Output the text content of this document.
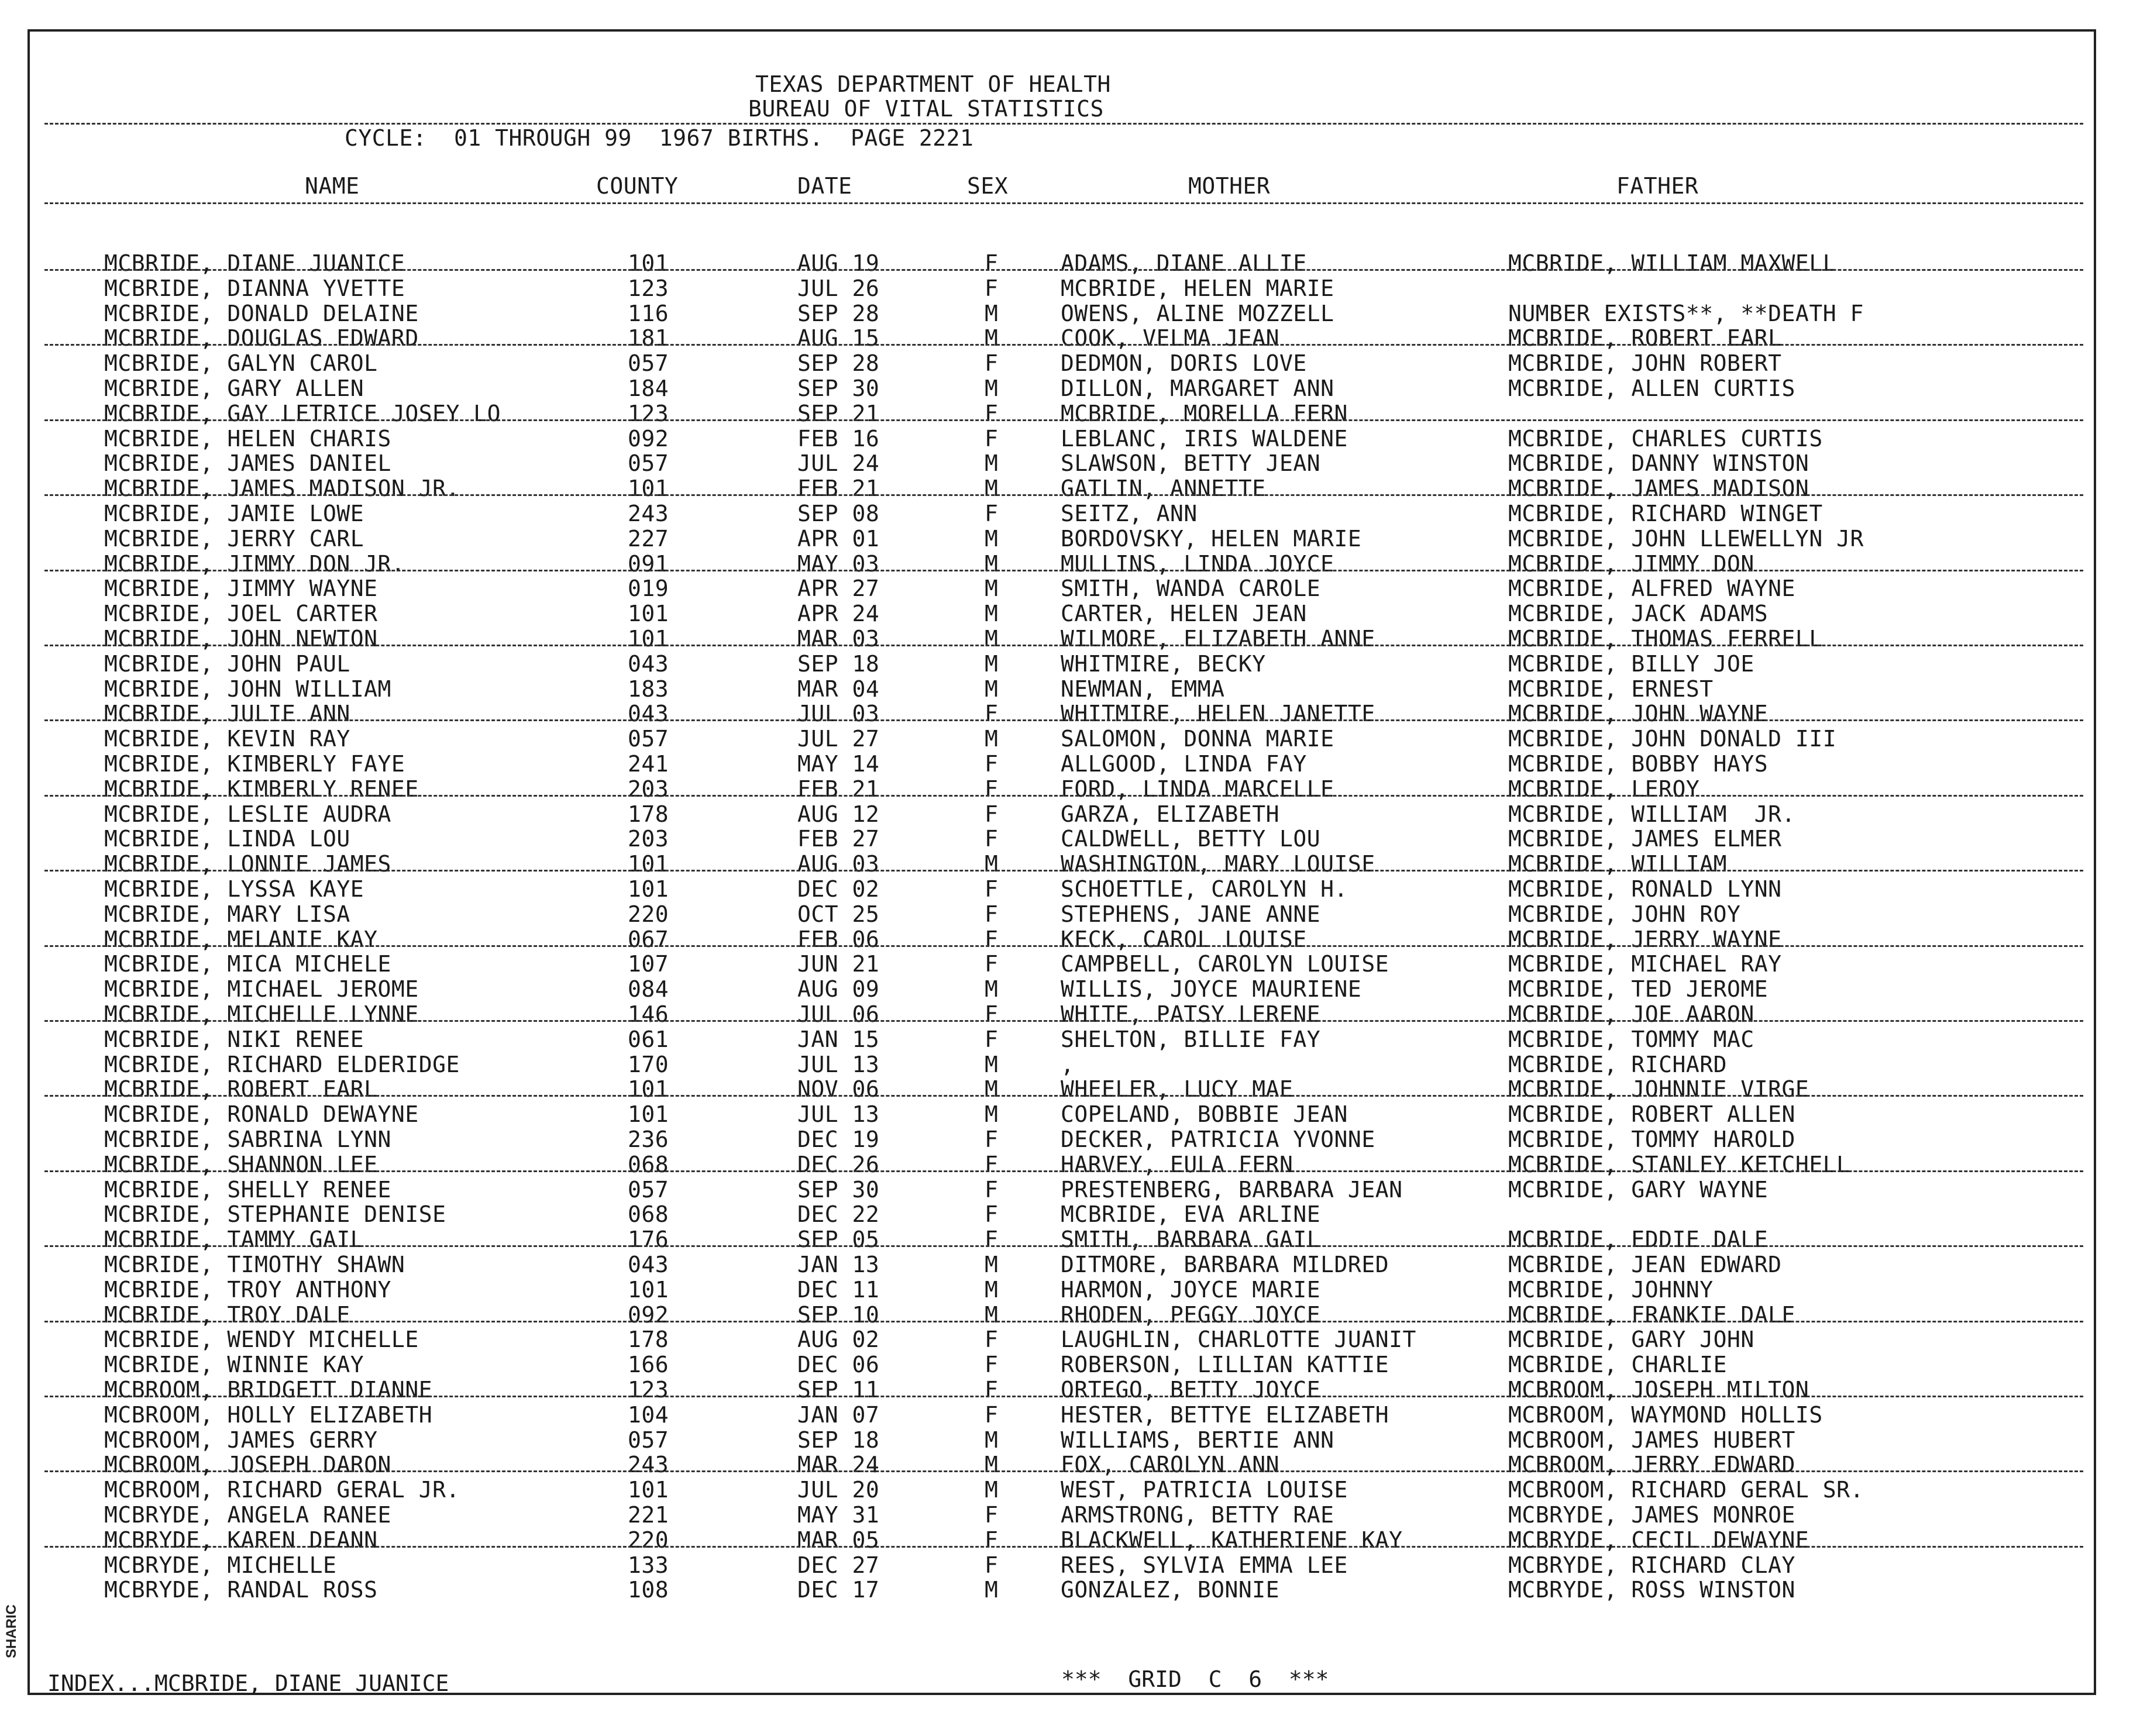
SHARIC
TEXAS DEPARTMENT OF HEALTH
BUREAU OF VITAL STATISTICS
CYCLE:  01 THROUGH 99  1967 BIRTHS.  PAGE 2221
NAME	COUNTY	DATE	SEX	MOTHER	FATHER
MCBRIDE, DIANE JUANICE	101	AUG 19	F	ADAMS, DIANE ALLIE	MCBRIDE, WILLIAM MAXWELL
MCBRIDE, DIANNA YVETTE	123	JUL 26	F	MCBRIDE, HELEN MARIE
MCBRIDE, DONALD DELAINE	116	SEP 28	M	OWENS, ALINE MOZZELL	NUMBER EXISTS**, **DEATH F
MCBRIDE, DOUGLAS EDWARD	181	AUG 15	M	COOK, VELMA JEAN	MCBRIDE, ROBERT EARL
MCBRIDE, GALYN CAROL	057	SEP 28	F	DEDMON, DORIS LOVE	MCBRIDE, JOHN ROBERT
MCBRIDE, GARY ALLEN	184	SEP 30	M	DILLON, MARGARET ANN	MCBRIDE, ALLEN CURTIS
MCBRIDE, GAY LETRICE JOSEY LO	123	SEP 21	F	MCBRIDE, MORELLA FERN
MCBRIDE, HELEN CHARIS	092	FEB 16	F	LEBLANC, IRIS WALDENE	MCBRIDE, CHARLES CURTIS
MCBRIDE, JAMES DANIEL	057	JUL 24	M	SLAWSON, BETTY JEAN	MCBRIDE, DANNY WINSTON
MCBRIDE, JAMES MADISON JR.	101	FEB 21	M	GATLIN, ANNETTE	MCBRIDE, JAMES MADISON
MCBRIDE, JAMIE LOWE	243	SEP 08	F	SEITZ, ANN	MCBRIDE, RICHARD WINGET
MCBRIDE, JERRY CARL	227	APR 01	M	BORDOVSKY, HELEN MARIE	MCBRIDE, JOHN LLEWELLYN JR
MCBRIDE, JIMMY DON JR.	091	MAY 03	M	MULLINS, LINDA JOYCE	MCBRIDE, JIMMY DON
MCBRIDE, JIMMY WAYNE	019	APR 27	M	SMITH, WANDA CAROLE	MCBRIDE, ALFRED WAYNE
MCBRIDE, JOEL CARTER	101	APR 24	M	CARTER, HELEN JEAN	MCBRIDE, JACK ADAMS
MCBRIDE, JOHN NEWTON	101	MAR 03	M	WILMORE, ELIZABETH ANNE	MCBRIDE, THOMAS FERRELL
MCBRIDE, JOHN PAUL	043	SEP 18	M	WHITMIRE, BECKY	MCBRIDE, BILLY JOE
MCBRIDE, JOHN WILLIAM	183	MAR 04	M	NEWMAN, EMMA	MCBRIDE, ERNEST
MCBRIDE, JULIE ANN	043	JUL 03	F	WHITMIRE, HELEN JANETTE	MCBRIDE, JOHN WAYNE
MCBRIDE, KEVIN RAY	057	JUL 27	M	SALOMON, DONNA MARIE	MCBRIDE, JOHN DONALD III
MCBRIDE, KIMBERLY FAYE	241	MAY 14	F	ALLGOOD, LINDA FAY	MCBRIDE, BOBBY HAYS
MCBRIDE, KIMBERLY RENEE	203	FEB 21	F	FORD, LINDA MARCELLE	MCBRIDE, LEROY
MCBRIDE, LESLIE AUDRA	178	AUG 12	F	GARZA, ELIZABETH	MCBRIDE, WILLIAM  JR.
MCBRIDE, LINDA LOU	203	FEB 27	F	CALDWELL, BETTY LOU	MCBRIDE, JAMES ELMER
MCBRIDE, LONNIE JAMES	101	AUG 03	M	WASHINGTON, MARY LOUISE	MCBRIDE, WILLIAM
MCBRIDE, LYSSA KAYE	101	DEC 02	F	SCHOETTLE, CAROLYN H.	MCBRIDE, RONALD LYNN
MCBRIDE, MARY LISA	220	OCT 25	F	STEPHENS, JANE ANNE	MCBRIDE, JOHN ROY
MCBRIDE, MELANIE KAY	067	FEB 06	F	KECK, CAROL LOUISE	MCBRIDE, JERRY WAYNE
MCBRIDE, MICA MICHELE	107	JUN 21	F	CAMPBELL, CAROLYN LOUISE	MCBRIDE, MICHAEL RAY
MCBRIDE, MICHAEL JEROME	084	AUG 09	M	WILLIS, JOYCE MAURIENE	MCBRIDE, TED JEROME
MCBRIDE, MICHELLE LYNNE	146	JUL 06	F	WHITE, PATSY LERENE	MCBRIDE, JOE AARON
MCBRIDE, NIKI RENEE	061	JAN 15	F	SHELTON, BILLIE FAY	MCBRIDE, TOMMY MAC
MCBRIDE, RICHARD ELDERIDGE	170	JUL 13	M	,	MCBRIDE, RICHARD
MCBRIDE, ROBERT EARL	101	NOV 06	M	WHEELER, LUCY MAE	MCBRIDE, JOHNNIE VIRGE
MCBRIDE, RONALD DEWAYNE	101	JUL 13	M	COPELAND, BOBBIE JEAN	MCBRIDE, ROBERT ALLEN
MCBRIDE, SABRINA LYNN	236	DEC 19	F	DECKER, PATRICIA YVONNE	MCBRIDE, TOMMY HAROLD
MCBRIDE, SHANNON LEE	068	DEC 26	F	HARVEY, EULA FERN	MCBRIDE, STANLEY KETCHELL
MCBRIDE, SHELLY RENEE	057	SEP 30	F	PRESTENBERG, BARBARA JEAN	MCBRIDE, GARY WAYNE
MCBRIDE, STEPHANIE DENISE	068	DEC 22	F	MCBRIDE, EVA ARLINE
MCBRIDE, TAMMY GAIL	176	SEP 05	F	SMITH, BARBARA GAIL	MCBRIDE, EDDIE DALE
MCBRIDE, TIMOTHY SHAWN	043	JAN 13	M	DITMORE, BARBARA MILDRED	MCBRIDE, JEAN EDWARD
MCBRIDE, TROY ANTHONY	101	DEC 11	M	HARMON, JOYCE MARIE	MCBRIDE, JOHNNY
MCBRIDE, TROY DALE	092	SEP 10	M	RHODEN, PEGGY JOYCE	MCBRIDE, FRANKIE DALE
MCBRIDE, WENDY MICHELLE	178	AUG 02	F	LAUGHLIN, CHARLOTTE JUANIT	MCBRIDE, GARY JOHN
MCBRIDE, WINNIE KAY	166	DEC 06	F	ROBERSON, LILLIAN KATTIE	MCBRIDE, CHARLIE
MCBROOM, BRIDGETT DIANNE	123	SEP 11	F	ORTEGO, BETTY JOYCE	MCBROOM, JOSEPH MILTON
MCBROOM, HOLLY ELIZABETH	104	JAN 07	F	HESTER, BETTYE ELIZABETH	MCBROOM, WAYMOND HOLLIS
MCBROOM, JAMES GERRY	057	SEP 18	M	WILLIAMS, BERTIE ANN	MCBROOM, JAMES HUBERT
MCBROOM, JOSEPH DARON	243	MAR 24	M	FOX, CAROLYN ANN	MCBROOM, JERRY EDWARD
MCBROOM, RICHARD GERAL JR.	101	JUL 20	M	WEST, PATRICIA LOUISE	MCBROOM, RICHARD GERAL SR.
MCBRYDE, ANGELA RANEE	221	MAY 31	F	ARMSTRONG, BETTY RAE	MCBRYDE, JAMES MONROE
MCBRYDE, KAREN DEANN	220	MAR 05	F	BLACKWELL, KATHERIENE KAY	MCBRYDE, CECIL DEWAYNE
MCBRYDE, MICHELLE	133	DEC 27	F	REES, SYLVIA EMMA LEE	MCBRYDE, RICHARD CLAY
MCBRYDE, RANDAL ROSS	108	DEC 17	M	GONZALEZ, BONNIE	MCBRYDE, ROSS WINSTON
INDEX...MCBRIDE, DIANE JUANICE	***  GRID  C  6  ***
